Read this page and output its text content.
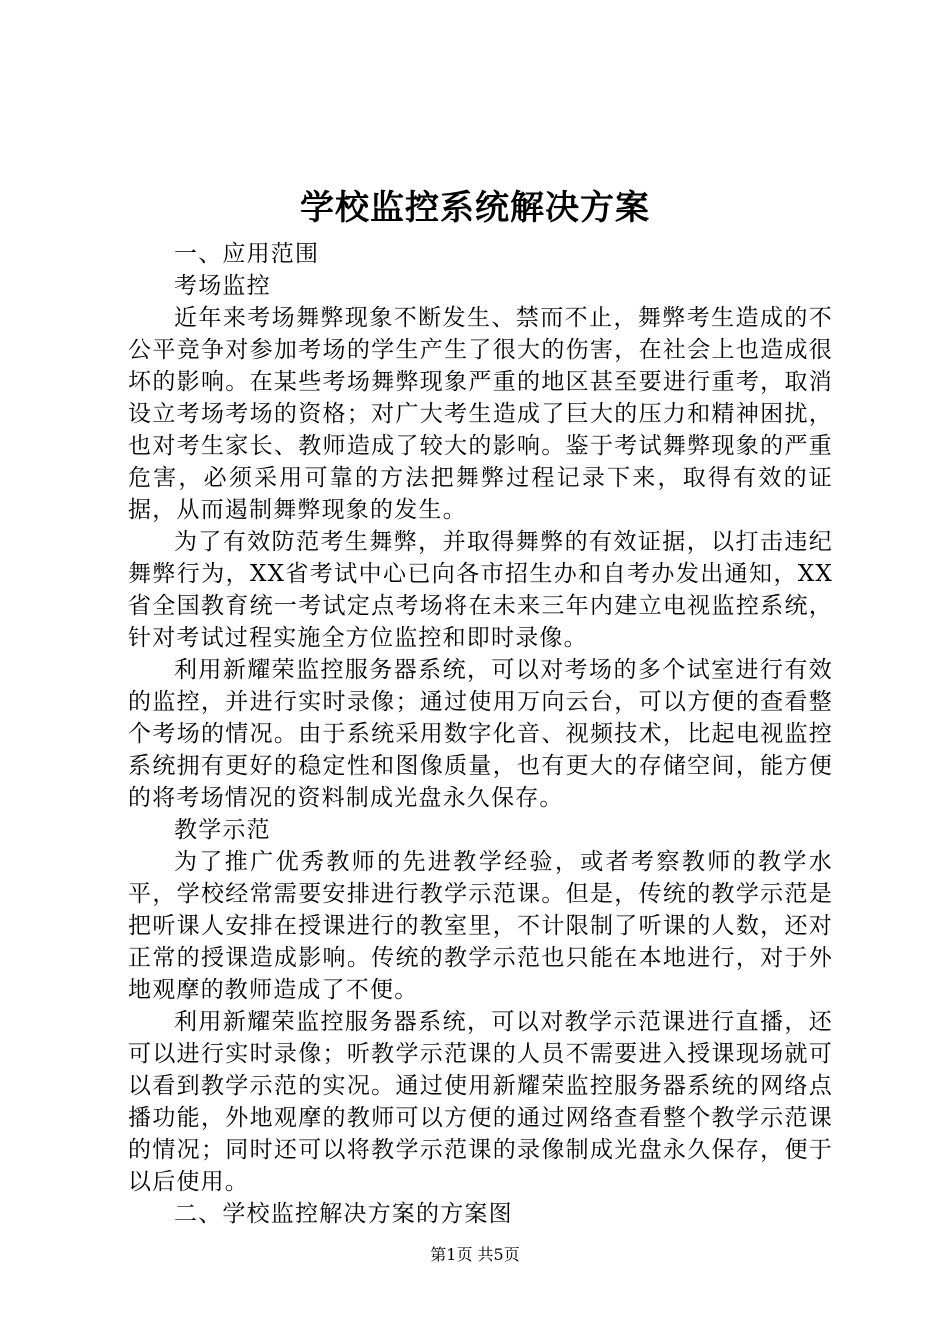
学校监控系统解决方案

一、应用范围

考场监控

近年来考场舞弊现象不断发生、禁而不止，舞弊考生造成的不公平竞争对参加考场的学生产生了很大的伤害，在社会上也造成很坏的影响。在某些考场舞弊现象严重的地区甚至要进行重考，取消设立考场考场的资格；对广大考生造成了巨大的压力和精神困扰，也对考生家长、教师造成了较大的影响。鉴于考试舞弊现象的严重危害，必须采用可靠的方法把舞弊过程记录下来，取得有效的证据，从而遏制舞弊现象的发生。

为了有效防范考生舞弊，并取得舞弊的有效证据，以打击违纪舞弊行为，XX省考试中心已向各市招生办和自考办发出通知，XX省全国教育统一考试定点考场将在未来三年内建立电视监控系统，针对考试过程实施全方位监控和即时录像。

利用新耀荣监控服务器系统，可以对考场的多个试室进行有效的监控，并进行实时录像；通过使用万向云台，可以方便的查看整个考场的情况。由于系统采用数字化音、视频技术，比起电视监控系统拥有更好的稳定性和图像质量，也有更大的存储空间，能方便的将考场情况的资料制成光盘永久保存。

教学示范

为了推广优秀教师的先进教学经验，或者考察教师的教学水平，学校经常需要安排进行教学示范课。但是，传统的教学示范是把听课人安排在授课进行的教室里，不计限制了听课的人数，还对正常的授课造成影响。传统的教学示范也只能在本地进行，对于外地观摩的教师造成了不便。

利用新耀荣监控服务器系统，可以对教学示范课进行直播，还可以进行实时录像；听教学示范课的人员不需要进入授课现场就可以看到教学示范的实况。通过使用新耀荣监控服务器系统的网络点播功能，外地观摩的教师可以方便的通过网络查看整个教学示范课的情况；同时还可以将教学示范课的录像制成光盘永久保存，便于以后使用。

二、学校监控解决方案的方案图

第1页 共5页
